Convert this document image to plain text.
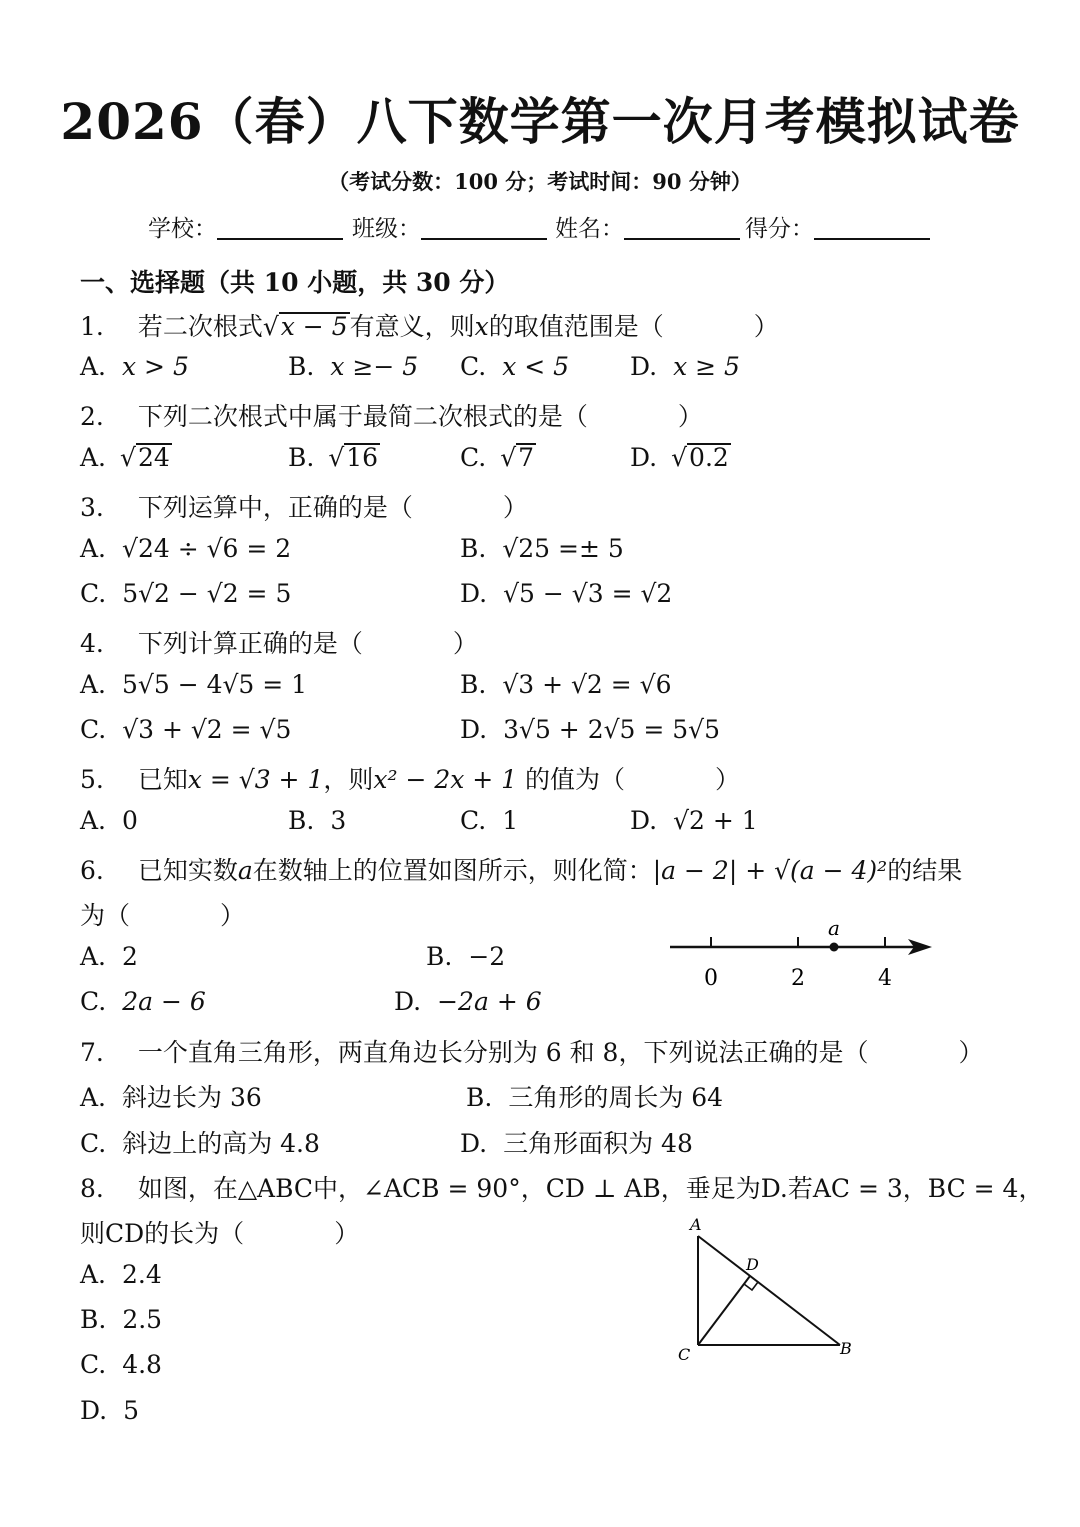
2026（春）八下数学第一次月考模拟试卷
（考试分数：100 分；考试时间：90 分钟）
学校：	班级：	姓名：	得分：
一、选择题（共 10 小题，共 30 分）
1. 若二次根式√x − 5有意义，则x的取值范围是（	）
A. x > 5	B. x ≥− 5 C. x < 5 D. x ≥ 5
2. 下列二次根式中属于最简二次根式的是（	）
A. √24	B. √16	C. √7	D. √0.2
3. 下列运算中，正确的是（	）
A. √24 ÷ √6 = 2	B. √25 =± 5
C. 5√2 − √2 = 5	D. √5 − √3 = √2
4. 下列计算正确的是（	）
A. 5√5 − 4√5 = 1	B. √3 + √2 = √6
C. √3 + √2 = √5	D. 3√5 + 2√5 = 5√5
5. 已知x = √3 + 1，则x² − 2x + 1 的值为（	）
A. 0	B. 3	C. 1	D. √2 + 1
6. 已知实数a在数轴上的位置如图所示，则化简：|a − 2| + √(a − 4)²的结果
为（	）
A. 2	B. −2
C. 2a − 6	D. −2a + 6
a
0	2	4
7. 一个直角三角形，两直角边长分别为 6 和 8，下列说法正确的是（	）
A. 斜边长为 36	B. 三角形的周长为 64
C. 斜边上的高为 4.8	D. 三角形面积为 48
8. 如图，在△ABC中，∠ACB = 90°，CD ⊥ AB，垂足为D.若AC = 3，BC = 4，
则CD的长为（	）
A. 2.4
B. 2.5
C. 4.8
D. 5
A
B
C
D
